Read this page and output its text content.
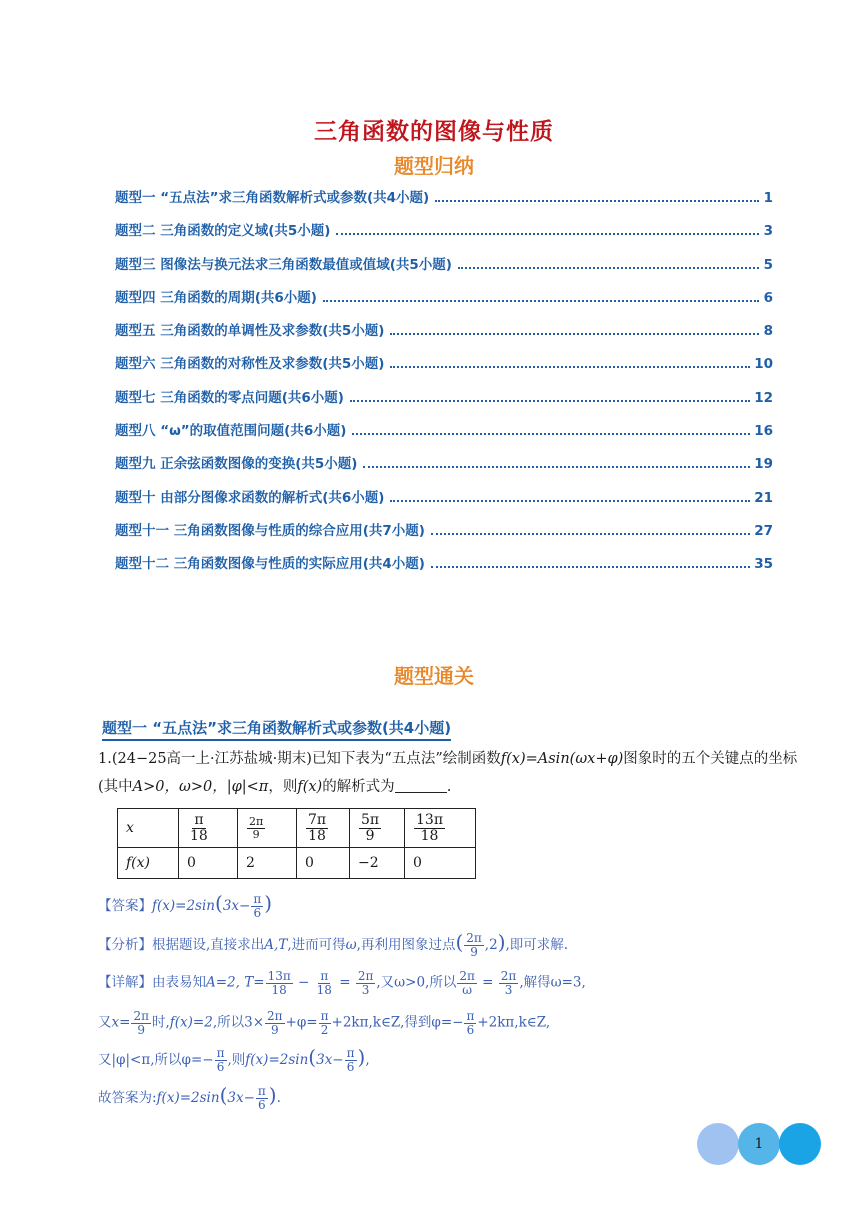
三角函数的图像与性质
题型归纳
题型一 “五点法”求三角函数解析式或参数(共4小题)	1
题型二 三角函数的定义域(共5小题)	3
题型三 图像法与换元法求三角函数最值或值域(共5小题)	5
题型四 三角函数的周期(共6小题)	6
题型五 三角函数的单调性及求参数(共5小题)	8
题型六 三角函数的对称性及求参数(共5小题)	10
题型七 三角函数的零点问题(共6小题)	12
题型八 “ω”的取值范围问题(共6小题)	16
题型九 正余弦函数图像的变换(共5小题)	19
题型十 由部分图像求函数的解析式(共6小题)	21
题型十一 三角函数图像与性质的综合应用(共7小题)	27
题型十二 三角函数图像与性质的实际应用(共4小题)	35
题型通关
题型一 “五点法”求三角函数解析式或参数(共4小题)
1.(24−25高一上·江苏盐城·期末)已知下表为“五点法”绘制函数f(x)=Asin(ωx+φ)图象时的五个关键点的坐标(其中A>0，ω>0，|φ|<π，则f(x)的解析式为	.
x	$\frac{\pi}{18}$	$\frac{2\pi}{9}$	$\frac{7\pi}{18}$	$\frac{5\pi}{9}$	$\frac{13\pi}{18}$

f(x)	0	2	0	−2	0
【答案】$f(x)=2\sin(3x- \frac{\pi}{6}$ )
【分析】根据题设,直接求出A,T,进而可得ω,再利用图象过点( $\frac{2\pi}{9} ,2$),即可求解.
【详解】由表易知A=2, $T= \frac{13\pi}{18} - \frac{\pi}{18} = \frac{2\pi}{3}$ ,又ω>0,所以 $\frac{2\pi}{\omega} = \frac{2\pi}{3}$ ,解得ω=3,
又$x= \frac{2\pi}{9}$ 时,f(x)=2,所以$3\times \frac{2\pi}{9} +\varphi= \frac{\pi}{2}$ +2kπ,k∈Z,得到$\varphi=- \frac{\pi}{6}$ +2kπ,k∈Z,
又|φ|<π,所以$\varphi=- \frac{\pi}{6}$ ,则$f(x)=2\sin(3x- \frac{\pi}{6}$ ),
故答案为:f(x)=2sin(3x− $\frac{\pi}{6}$ ).
1
